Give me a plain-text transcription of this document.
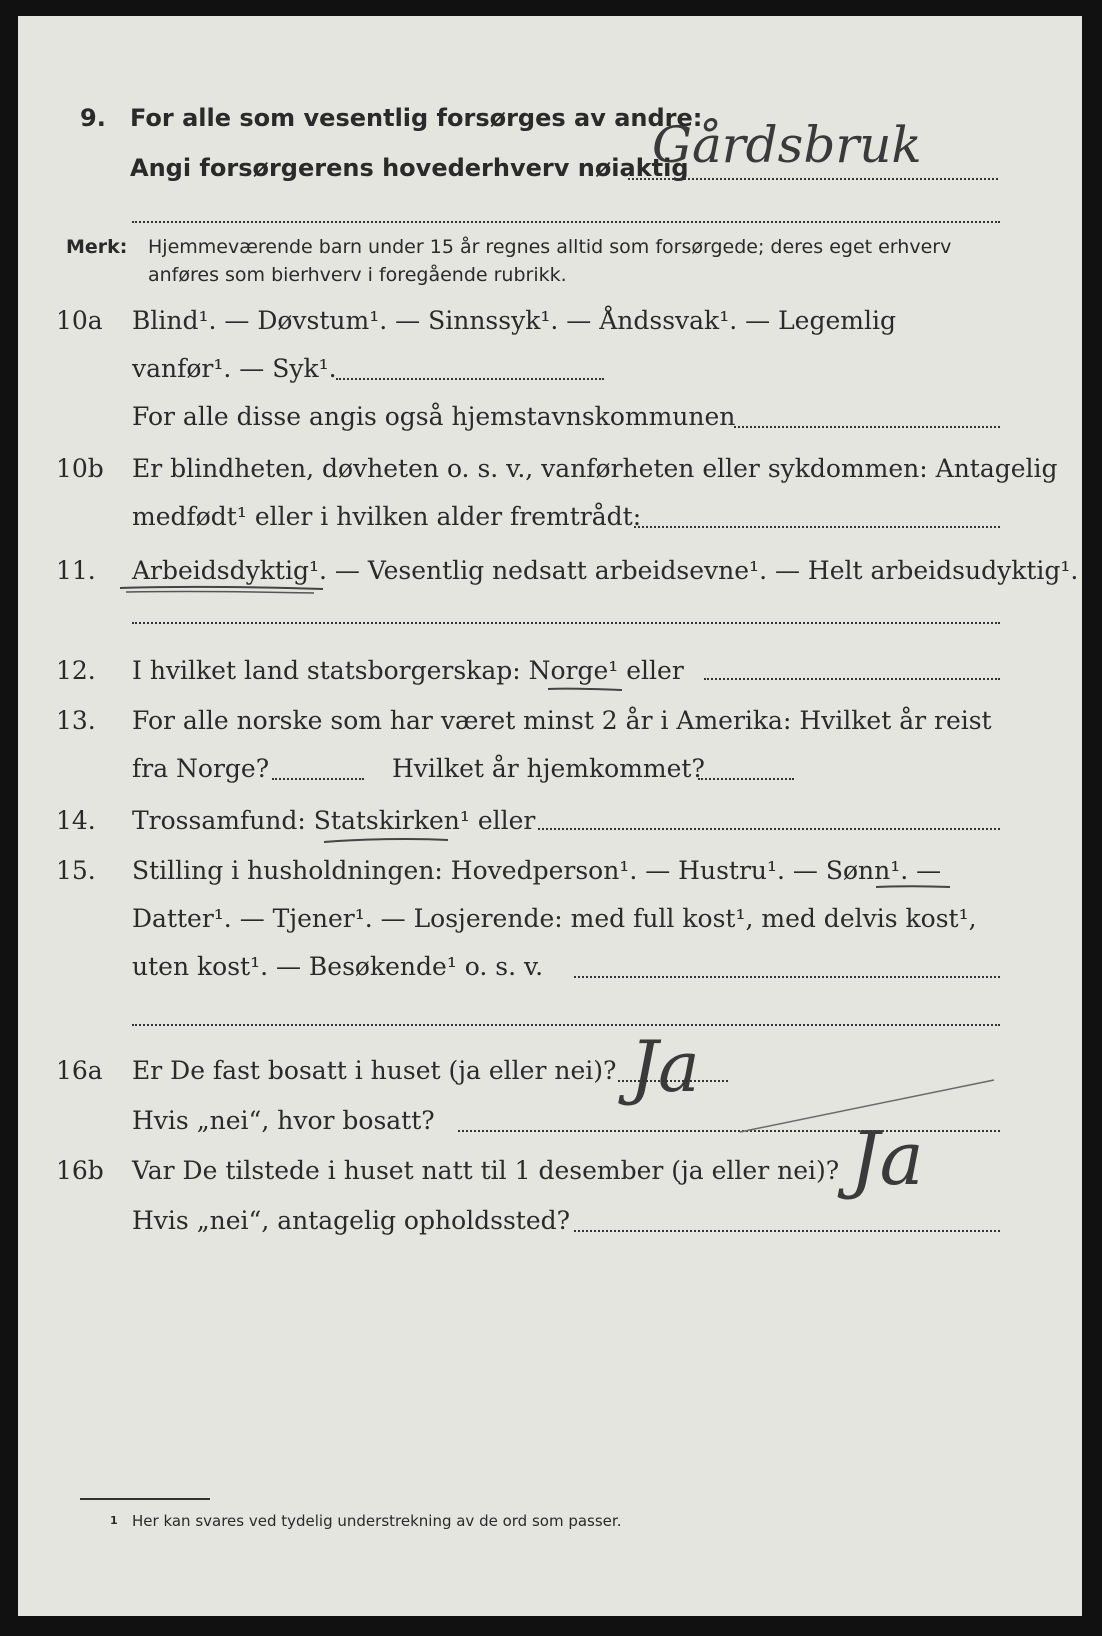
9. For alle som vesentlig forsørges av andre:
Gårdsbruk
Angi forsørgerens hovederhverv nøiaktig
Merk: Hjemmeværende barn under 15 år regnes alltid som forsørgede; deres eget erhverv
anføres som bierhverv i foregående rubrikk.
10a Blind¹. — Døvstum¹. — Sinnssyk¹. — Åndssvak¹. — Legemlig
vanfør¹. — Syk¹.
For alle disse angis også hjemstavnskommunen
10b Er blindheten, døvheten o. s. v., vanførheten eller sykdommen: Antagelig
medfødt¹ eller i hvilken alder fremtrådt:
11. Arbeidsdyktig¹. — Vesentlig nedsatt arbeidsevne¹. — Helt arbeidsudyktig¹.
12. I hvilket land statsborgerskap: Norge¹ eller
13. For alle norske som har været minst 2 år i Amerika: Hvilket år reist
fra Norge?	Hvilket år hjemkommet?
14. Trossamfund: Statskirken¹ eller
15. Stilling i husholdningen: Hovedperson¹. — Hustru¹. — Sønn¹. —
Datter¹. — Tjener¹. — Losjerende: med full kost¹, med delvis kost¹,
uten kost¹. — Besøkende¹ o. s. v.
16a Er De fast bosatt i huset (ja eller nei)? Ja
Hvis „nei“, hvor bosatt?
16b Var De tilstede i huset natt til 1 desember (ja eller nei)? Ja
Hvis „nei“, antagelig opholdssted?
1 Her kan svares ved tydelig understrekning av de ord som passer.
